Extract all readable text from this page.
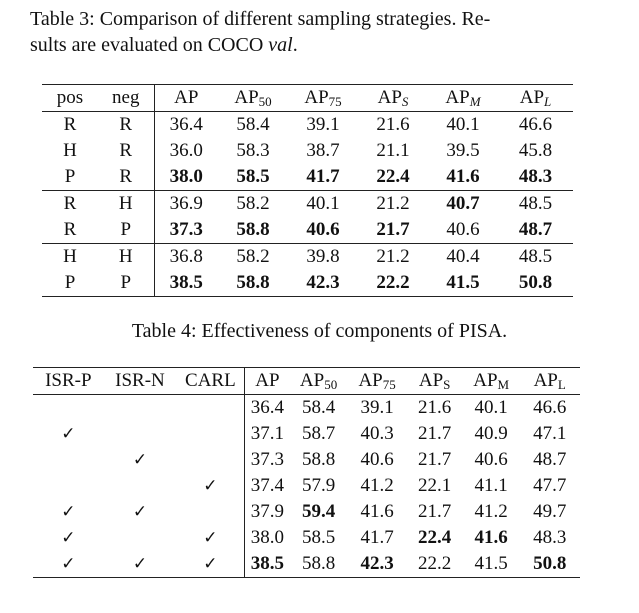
Table 3: Comparison of different sampling strategies. Re-
sults are evaluated on COCO val.
pos	neg	AP	$AP_{50}$	$AP_{75}$	$AP_S$	$AP_M$	$AP_L$
R	R	36.4	58.4	39.1	21.6	40.1	46.6
H	R	36.0	58.3	38.7	21.1	39.5	45.8
P	R	38.0	58.5	41.7	22.4	41.6	48.3
R	H	36.9	58.2	40.1	21.2	40.7	48.5
R	P	37.3	58.8	40.6	21.7	40.6	48.7
H	H	36.8	58.2	39.8	21.2	40.4	48.5
P	P	38.5	58.8	42.3	22.2	41.5	50.8
Table 4: Effectiveness of components of PISA.
ISR-P	ISR-N	CARL	AP	$AP_{50}$	$AP_{75}$	$AP_S$	$AP_M$	$AP_L$
			36.4	58.4	39.1	21.6	40.1	46.6
✓			37.1	58.7	40.3	21.7	40.9	47.1
	✓		37.3	58.8	40.6	21.7	40.6	48.7
		✓	37.4	57.9	41.2	22.1	41.1	47.7
✓	✓		37.9	59.4	41.6	21.7	41.2	49.7
✓		✓	38.0	58.5	41.7	22.4	41.6	48.3
✓	✓	✓	38.5	58.8	42.3	22.2	41.5	50.8
